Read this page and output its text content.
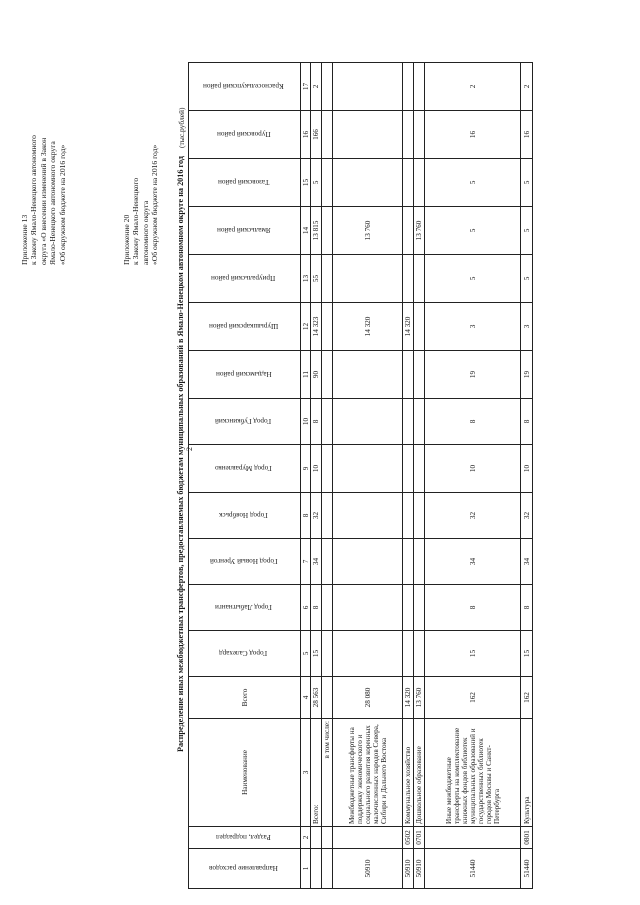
2
Приложение 13 к Закону Ямало-Ненецкого автономного округа «О внесении изменений в Закон Ямало-Ненецкого автономного округа «Об окружном бюджете на 2016 год»	Приложение 20 к Закону Ямало-Ненецкого автономного округа «Об окружном бюджете на 2016 год» Распределение иных межбюджетных трансфертов, предоставляемых бюджетам муниципальных образований в Ямало-Ненецком автономном округе на 2016 год
(тыс.рублей)
Направление расходов	Раздел, подраздел	Наименование	Всего	Город Салехард	Город Лабытнанги	Город Новый Уренгой	Город Ноябрьск	Город Муравленко	Город Губкинский	Надымский район	Шурышкарский район	Приуральский район	Ямальский район	Тазовский район	Пуровский район	Красноселькупский район
1	2	3	4	5	6	7	8	9	10	11	12	13	14	15	16	17
		Всего:	28 563	15	8	34	32	10	8	90	14 323	55	13 815	5	166	2
		в том числе:														
50910		Межбюджетные трансферты на поддержку экономического и социального развития коренных малочисленных народов Севера, Сибири и Дальнего Востока	28 080								14 320		13 760			
50910	0502	Коммунальное хозяйство	14 320								14 320					
50910	0701	Дошкольное образование	13 760										13 760			
51440		Иные межбюджетные трансферты на комплектование книжных фондов библиотек муниципальных образований и государственных библиотек городов Москвы и Санкт-Петербурга	162	15	8	34	32	10	8	19	3	5	5	5	16	2
51440	0801	Культура	162	15	8	34	32	10	8	19	3	5	5	5	16	2
